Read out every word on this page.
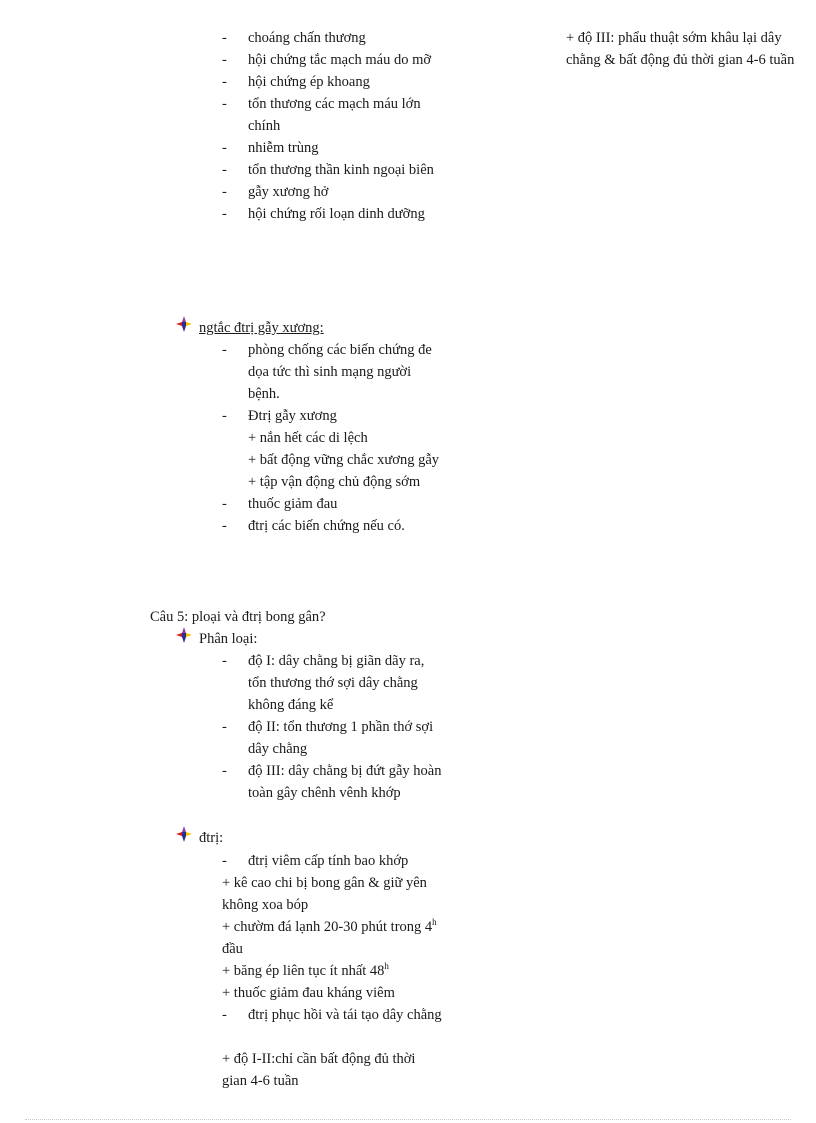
- choáng chấn thương
- hội chứng tắc mạch máu do mỡ
- hội chứng ép khoang
- tổn thương các mạch máu lớn chính
- nhiễm trùng
- tổn thương thần kinh ngoại biên
- gẫy xương hở
- hội chứng rối loạn dinh dưỡng
ngtắc đtrị gẫy xương:
- phòng chống các biến chứng đe dọa tức thì sinh mạng người bệnh.
- Đtrị gẫy xương
+ nắn hết các di lệch
+ bất động vững chắc xương gẫy
+ tập vận động chủ động sớm
- thuốc giảm đau
- đtrị các biến chứng nếu có.
Câu 5: ploại và đtrị bong gân?
Phân loại:
- độ I: dây chằng bị giãn dãy ra, tổn thương thớ sợi dây chằng không đáng kể
- độ II: tổn thương 1 phần thớ sợi dây chằng
- độ III: dây chằng bị đứt gẫy hoàn toàn gây chênh vênh khớp
đtrị:
- đtrị viêm cấp tính bao khớp
+ kê cao chi bị bong gân & giữ yên không xoa bóp
+ chườm đá lạnh 20-30 phút trong 4$^h$ đầu
+ băng ép liên tục ít nhất $48^h$
+ thuốc giảm đau kháng viêm
- đtrị phục hồi và tái tạo dây chằng
+ độ I-II:chỉ cần bất động đủ thời gian 4-6 tuần
+ độ III: phẩu thuật sớm khâu lại dây chằng & bất động đủ thời gian 4-6 tuần
